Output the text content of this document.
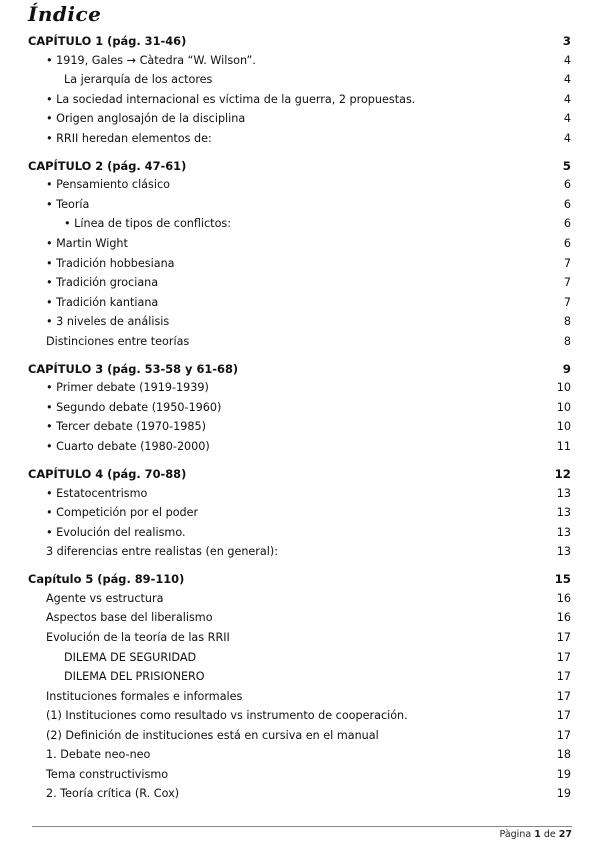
Índice
CAPÍTULO 1 (pág. 31-46)	3
• 1919, Gales → Càtedra “W. Wilson”.	4
La jerarquía de los actores	4
• La sociedad internacional es víctima de la guerra, 2 propuestas.	4
• Origen anglosajón de la disciplina	4
• RRII heredan elementos de:	4
CAPÍTULO 2 (pág. 47-61)	5
• Pensamiento clásico	6
• Teoría	6
• Línea de tipos de conflictos:	6
• Martin Wight	6
• Tradición hobbesiana	7
• Tradición grociana	7
• Tradición kantiana	7
• 3 niveles de análisis	8
Distinciones entre teorías	8
CAPÍTULO 3 (pág. 53-58 y 61-68)	9
• Primer debate (1919-1939)	10
• Segundo debate (1950-1960)	10
• Tercer debate (1970-1985)	10
• Cuarto debate (1980-2000)	11
CAPÍTULO 4 (pág. 70-88)	12
• Estatocentrismo	13
• Competición por el poder	13
• Evolución del realismo.	13
3 diferencias entre realistas (en general):	13
Capítulo 5 (pág. 89-110)	15
Agente vs estructura	16
Aspectos base del liberalismo	16
Evolución de la teoría de las RRII	17
DILEMA DE SEGURIDAD	17
DILEMA DEL PRISIONERO	17
Instituciones formales e informales	17
(1) Instituciones como resultado vs instrumento de cooperación.	17
(2) Definición de instituciones está en cursiva en el manual	17
1. Debate neo-neo	18
Tema constructivismo	19
2. Teoría crítica (R. Cox)	19
Pàgina 1 de 27
